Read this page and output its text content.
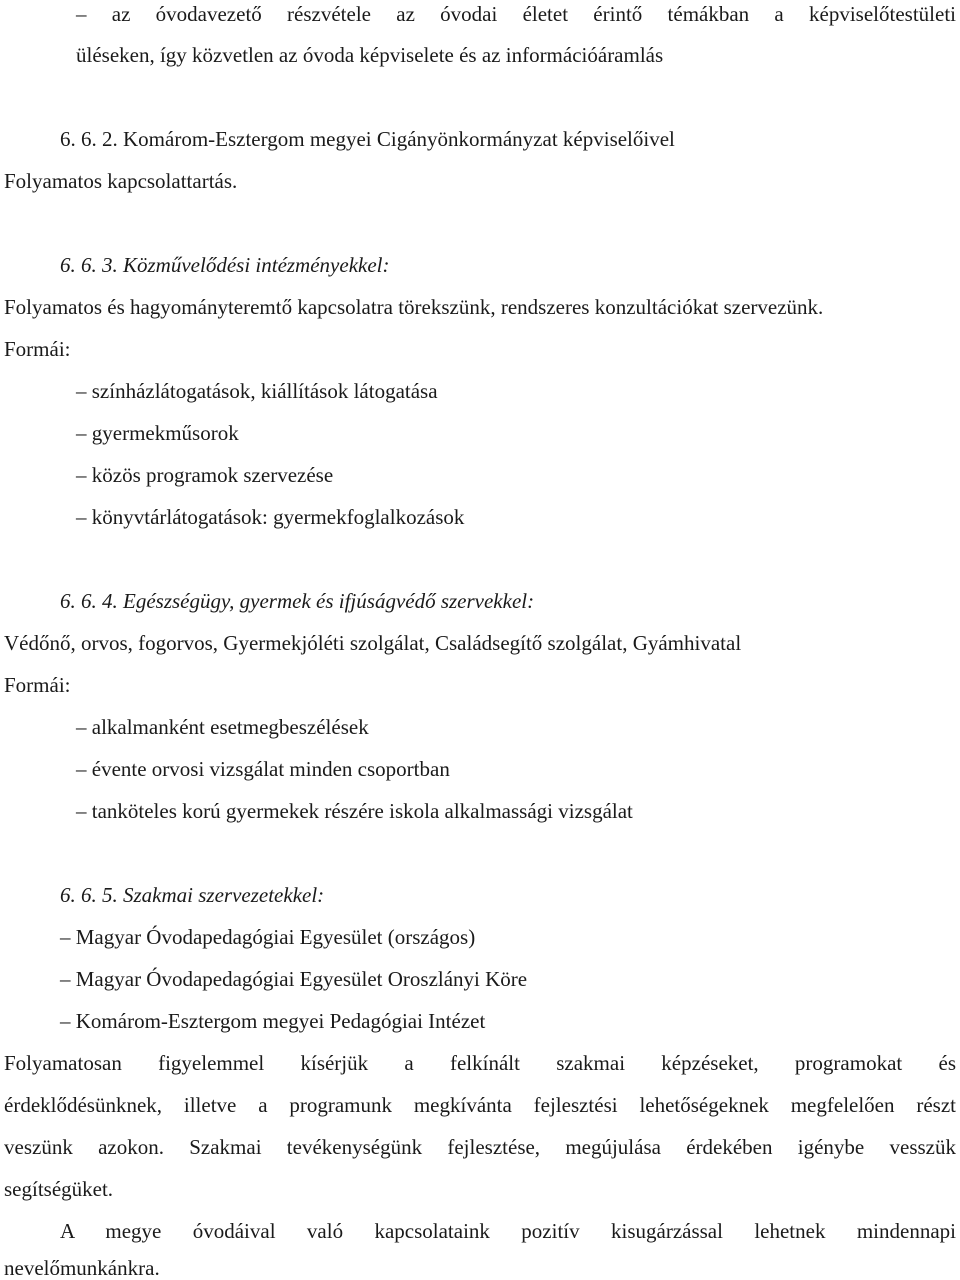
– az óvodavezető részvétele az óvodai életet érintő témákban a képviselőtestületi
üléseken, így közvetlen az óvoda képviselete és az információáramlás
6. 6. 2. Komárom-Esztergom megyei Cigányönkormányzat képviselőivel
Folyamatos kapcsolattartás.
6. 6. 3. Közművelődési intézményekkel:
Folyamatos és hagyományteremtő kapcsolatra törekszünk, rendszeres konzultációkat szervezünk.
Formái:
– színházlátogatások, kiállítások látogatása
– gyermekműsorok
– közös programok szervezése
– könyvtárlátogatások: gyermekfoglalkozások
6. 6. 4. Egészségügy, gyermek és ifjúságvédő szervekkel:
Védőnő, orvos, fogorvos, Gyermekjóléti szolgálat, Családsegítő szolgálat, Gyámhivatal
Formái:
– alkalmanként esetmegbeszélések
– évente orvosi vizsgálat minden csoportban
– tanköteles korú gyermekek részére iskola alkalmassági vizsgálat
6. 6. 5. Szakmai szervezetekkel:
– Magyar Óvodapedagógiai Egyesület (országos)
– Magyar Óvodapedagógiai Egyesület Oroszlányi Köre
– Komárom-Esztergom megyei Pedagógiai Intézet
Folyamatosan figyelemmel kísérjük a felkínált szakmai képzéseket, programokat és
érdeklődésünknek, illetve a programunk megkívánta fejlesztési lehetőségeknek megfelelően részt
veszünk azokon. Szakmai tevékenységünk fejlesztése, megújulása érdekében igénybe vesszük
segítségüket.
A megye óvodáival való kapcsolataink pozitív kisugárzással lehetnek mindennapi
nevelőmunkánkra.
